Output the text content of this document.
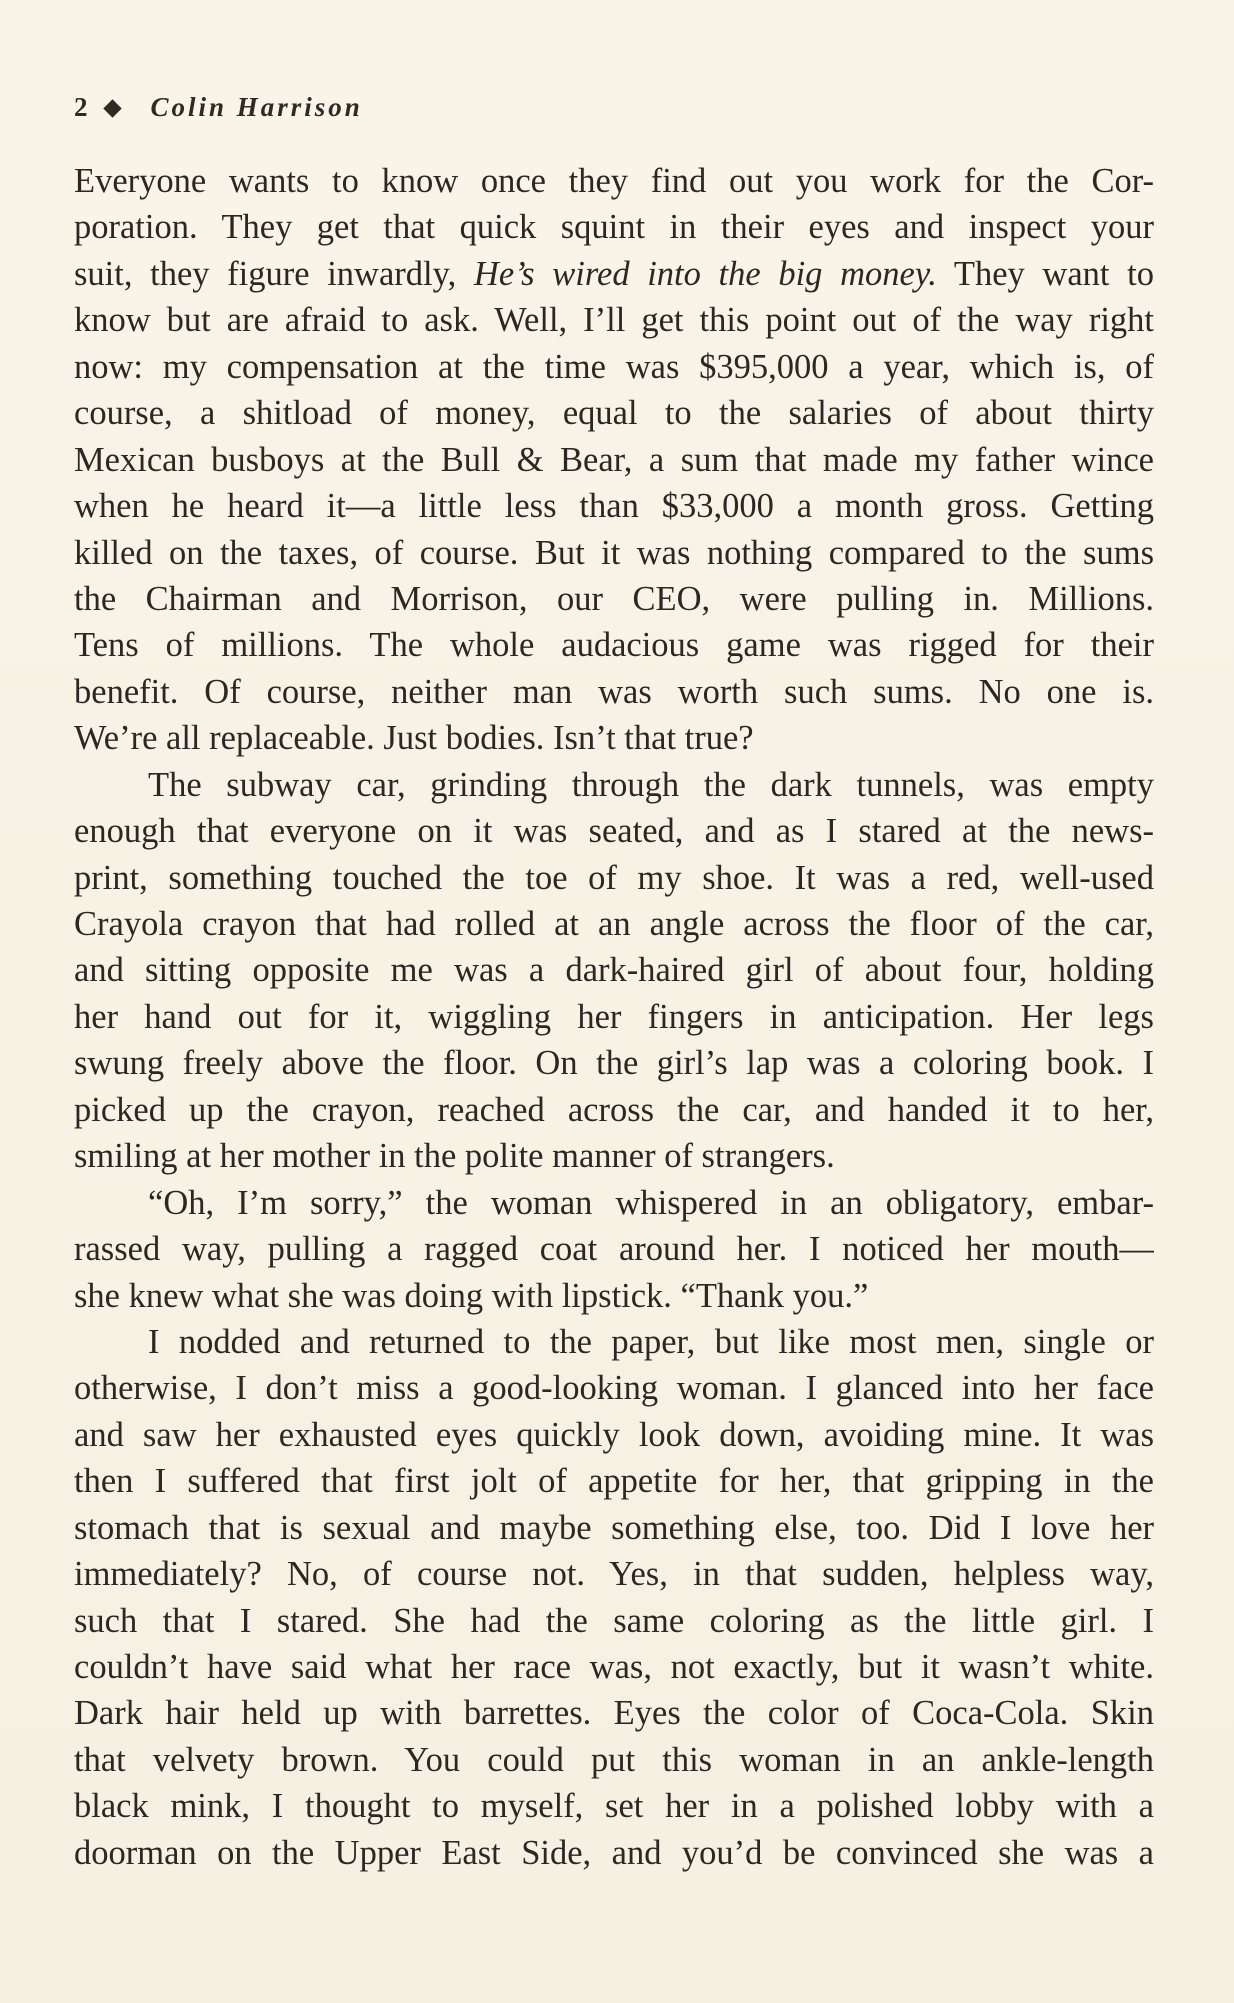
2 Colin Harrison
Everyone wants to know once they find out you work for the Cor-
poration. They get that quick squint in their eyes and inspect your
suit, they figure inwardly, He’s wired into the big money. They want to
know but are afraid to ask. Well, I’ll get this point out of the way right
now: my compensation at the time was $395,000 a year, which is, of
course, a shitload of money, equal to the salaries of about thirty
Mexican busboys at the Bull & Bear, a sum that made my father wince
when he heard it—a little less than $33,000 a month gross. Getting
killed on the taxes, of course. But it was nothing compared to the sums
the Chairman and Morrison, our CEO, were pulling in. Millions.
Tens of millions. The whole audacious game was rigged for their
benefit. Of course, neither man was worth such sums. No one is.
We’re all replaceable. Just bodies. Isn’t that true?
The subway car, grinding through the dark tunnels, was empty
enough that everyone on it was seated, and as I stared at the news-
print, something touched the toe of my shoe. It was a red, well-used
Crayola crayon that had rolled at an angle across the floor of the car,
and sitting opposite me was a dark-haired girl of about four, holding
her hand out for it, wiggling her fingers in anticipation. Her legs
swung freely above the floor. On the girl’s lap was a coloring book. I
picked up the crayon, reached across the car, and handed it to her,
smiling at her mother in the polite manner of strangers.
“Oh, I’m sorry,” the woman whispered in an obligatory, embar-
rassed way, pulling a ragged coat around her. I noticed her mouth—
she knew what she was doing with lipstick. “Thank you.”
I nodded and returned to the paper, but like most men, single or
otherwise, I don’t miss a good-looking woman. I glanced into her face
and saw her exhausted eyes quickly look down, avoiding mine. It was
then I suffered that first jolt of appetite for her, that gripping in the
stomach that is sexual and maybe something else, too. Did I love her
immediately? No, of course not. Yes, in that sudden, helpless way,
such that I stared. She had the same coloring as the little girl. I
couldn’t have said what her race was, not exactly, but it wasn’t white.
Dark hair held up with barrettes. Eyes the color of Coca-Cola. Skin
that velvety brown. You could put this woman in an ankle-length
black mink, I thought to myself, set her in a polished lobby with a
doorman on the Upper East Side, and you’d be convinced she was a
